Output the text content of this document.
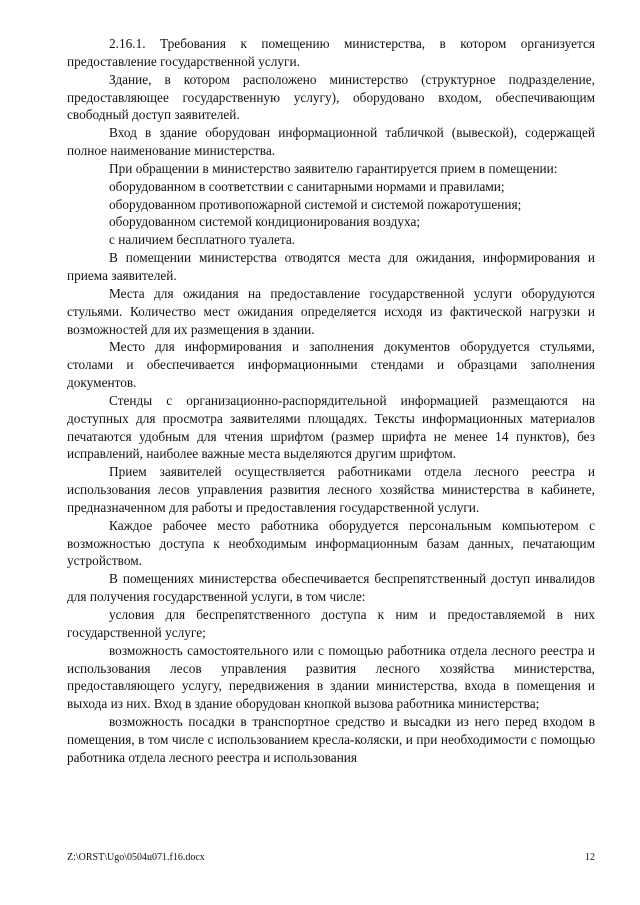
2.16.1. Требования к помещению министерства, в котором организуется предоставление государственной услуги.

Здание, в котором расположено министерство (структурное подразделение, предоставляющее государственную услугу), оборудовано входом, обеспечивающим свободный доступ заявителей.

Вход в здание оборудован информационной табличкой (вывеской), содержащей полное наименование министерства.

При обращении в министерство заявителю гарантируется прием в помещении:

оборудованном в соответствии с санитарными нормами и правилами;

оборудованном противопожарной системой и системой пожаротушения;

оборудованном системой кондиционирования воздуха;

с наличием бесплатного туалета.

В помещении министерства отводятся места для ожидания, информирования и приема заявителей.

Места для ожидания на предоставление государственной услуги оборудуются стульями. Количество мест ожидания определяется исходя из фактической нагрузки и возможностей для их размещения в здании.

Место для информирования и заполнения документов оборудуется стульями, столами и обеспечивается информационными стендами и образцами заполнения документов.

Стенды с организационно-распорядительной информацией размещаются на доступных для просмотра заявителями площадях. Тексты информационных материалов печатаются удобным для чтения шрифтом (размер шрифта не менее 14 пунктов), без исправлений, наиболее важные места выделяются другим шрифтом.

Прием заявителей осуществляется работниками отдела лесного реестра и использования лесов управления развития лесного хозяйства министерства в кабинете, предназначенном для работы и предоставления государственной услуги.

Каждое рабочее место работника оборудуется персональным компьютером с возможностью доступа к необходимым информационным базам данных, печатающим устройством.

В помещениях министерства обеспечивается беспрепятственный доступ инвалидов для получения государственной услуги, в том числе:

условия для беспрепятственного доступа к ним и предоставляемой в них государственной услуге;

возможность самостоятельного или с помощью работника отдела лесного реестра и использования лесов управления развития лесного хозяйства министерства, предоставляющего услугу, передвижения в здании министерства, входа в помещения и выхода из них. Вход в здание оборудован кнопкой вызова работника министерства;

возможность посадки в транспортное средство и высадки из него перед входом в помещения, в том числе с использованием кресла-коляски, и при необходимости с помощью работника отдела лесного реестра и использования

Z:\ORST\Ugo\0504u071.f16.docx	12
